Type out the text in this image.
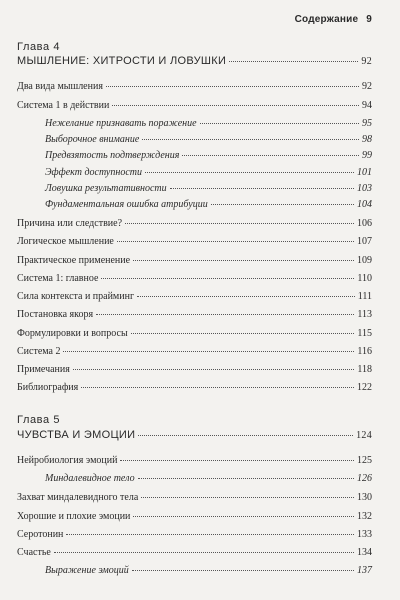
Содержание 9
Глава 4
МЫШЛЕНИЕ: ХИТРОСТИ И ЛОВУШКИ	92
Два вида мышления	92
Система 1 в действии	94
Нежелание признавать поражение	95
Выборочное внимание	98
Предвзятость подтверждения	99
Эффект доступности	101
Ловушка результативности	103
Фундаментальная ошибка атрибуции	104
Причина или следствие?	106
Логическое мышление	107
Практическое применение	109
Система 1: главное	110
Сила контекста и прайминг	111
Постановка якоря	113
Формулировки и вопросы	115
Система 2	116
Примечания	118
Библиография	122
Глава 5
ЧУВСТВА И ЭМОЦИИ	124
Нейробиология эмоций	125
Миндалевидное тело	126
Захват миндалевидного тела	130
Хорошие и плохие эмоции	132
Серотонин	133
Счастье	134
Выражение эмоций	137
